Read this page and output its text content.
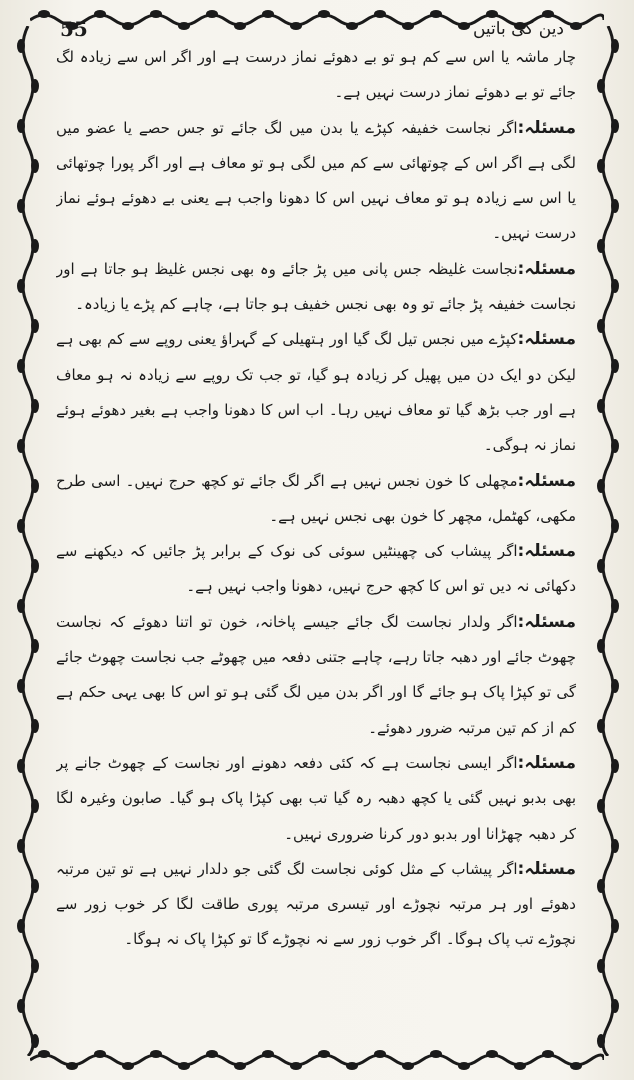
دین کی باتیں
55

چار ماشہ یا اس سے کم ہو تو بے دھوئے نماز درست ہے اور اگر اس سے زیادہ لگ جائے تو بے دھوئے نماز درست نہیں ہے۔

مسئلہ:اگر نجاست خفیفہ کپڑے یا بدن میں لگ جائے تو جس حصے یا عضو میں لگی ہے اگر اس کے چوتھائی سے کم میں لگی ہو تو معاف ہے اور اگر پورا چوتھائی یا اس سے زیادہ ہو تو معاف نہیں اس کا دھونا واجب ہے یعنی بے دھوئے ہوئے نماز درست نہیں۔

مسئلہ:نجاست غلیظہ جس پانی میں پڑ جائے وہ بھی نجس غلیظ ہو جاتا ہے اور نجاست خفیفہ پڑ جائے تو وہ بھی نجس خفیف ہو جاتا ہے، چاہے کم پڑے یا زیادہ۔

مسئلہ:کپڑے میں نجس تیل لگ گیا اور ہتھیلی کے گہراؤ یعنی روپے سے کم بھی ہے لیکن دو ایک دن میں پھیل کر زیادہ ہو گیا، تو جب تک روپے سے زیادہ نہ ہو معاف ہے اور جب بڑھ گیا تو معاف نہیں رہا۔ اب اس کا دھونا واجب ہے بغیر دھوئے ہوئے نماز نہ ہوگی۔

مسئلہ:مچھلی کا خون نجس نہیں ہے اگر لگ جائے تو کچھ حرج نہیں۔ اسی طرح مکھی، کھٹمل، مچھر کا خون بھی نجس نہیں ہے۔

مسئلہ:اگر پیشاب کی چھینٹیں سوئی کی نوک کے برابر پڑ جائیں کہ دیکھنے سے دکھائی نہ دیں تو اس کا کچھ حرج نہیں، دھونا واجب نہیں ہے۔

مسئلہ:اگر ولدار نجاست لگ جائے جیسے پاخانہ، خون تو اتنا دھوئے کہ نجاست چھوٹ جائے اور دھبہ جاتا رہے، چاہے جتنی دفعہ میں چھوٹے جب نجاست چھوٹ جائے گی تو کپڑا پاک ہو جائے گا اور اگر بدن میں لگ گئی ہو تو اس کا بھی یہی حکم ہے کم از کم تین مرتبہ ضرور دھوئے۔

مسئلہ:اگر ایسی نجاست ہے کہ کئی دفعہ دھونے اور نجاست کے چھوٹ جانے پر بھی بدبو نہیں گئی یا کچھ دھبہ رہ گیا تب بھی کپڑا پاک ہو گیا۔ صابون وغیرہ لگا کر دھبہ چھڑانا اور بدبو دور کرنا ضروری نہیں۔

مسئلہ:اگر پیشاب کے مثل کوئی نجاست لگ گئی جو دلدار نہیں ہے تو تین مرتبہ دھوئے اور ہر مرتبہ نچوڑے اور تیسری مرتبہ پوری طاقت لگا کر خوب زور سے نچوڑے تب پاک ہوگا۔ اگر خوب زور سے نہ نچوڑے گا تو کپڑا پاک نہ ہوگا۔
